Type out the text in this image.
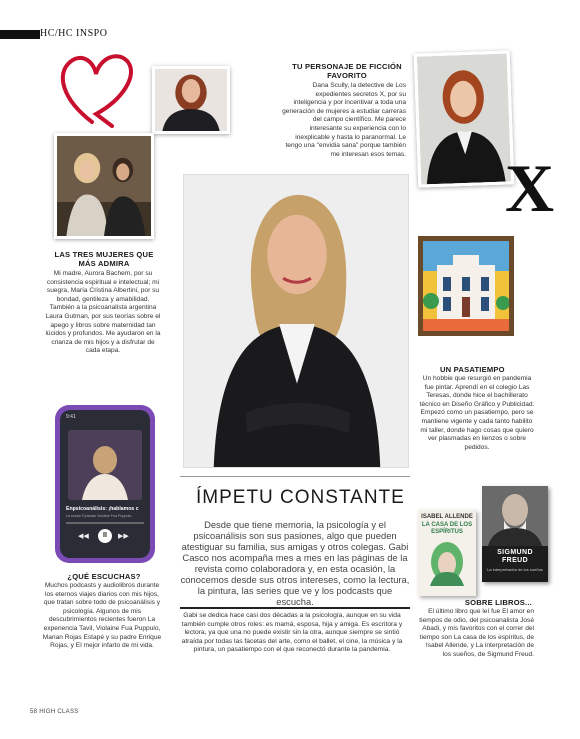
HC/HC INSPO
LAS TRES MUJERES QUE MÁS ADMIRA
Mi madre, Aurora Bachem, por su consistencia espiritual e intelectual; mi suegra, María Cristina Albertini, por su bondad, gentileza y amabilidad. También a la psicoanalista argentina Laura Gutman, por sus teorías sobre el apego y libros sobre maternidad tan lúcidos y profundos. Me ayudaron en la crianza de mis hijos y a disfrutar de cada etapa.
TU PERSONAJE DE FICCIÓN FAVORITO
Dana Scully, la detective de Los expedientes secretos X, por su inteligencia y por incentivar a toda una generación de mujeres a estudiar carreras del campo científico. Me parece interesante su experiencia con lo inexplicable y hasta lo paranormal. Le tengo una "envidia sana" porque también me interesan esos temas. X
UN PASATIEMPO
Un hobbie que resurgió en pandemia fue pintar. Aprendí en el colegio Las Teresas, donde hice el bachillerato técnico en Diseño Gráfico y Publicidad. Empezó como un pasatiempo, pero se mantiene vigente y cada tanto habilito mi taller, donde hago cosas que quiero ver plasmadas en lienzos o sobre pedidos.
9:41
Enpsicoanálisis: ¡hablamos c
La sesión Episodio Violaine Fua Puppulo...
◀◀	II	▶▶
¿QUÉ ESCUCHAS?
Muchos podcasts y audiolibros durante los eternos viajes diarios con mis hijos, que tratan sobre todo de psicoanálisis y psicología. Algunos de mis descubrimientos recientes fueron La experiencia Tavil, Violaine Fua Puppulo, Marian Rojas Estapé y su padre Enrique Rojas, y El mejor infarto de mi vida.
ÍMPETU CONSTANTE
Desde que tiene memoria, la psicología y el psicoanálisis son sus pasiones, algo que pueden atestiguar su familia, sus amigas y otros colegas. Gabi Casco nos acompaña mes a mes en las páginas de la revista como colaboradora y, en esta ocasión, la conocemos desde sus otros intereses, como la lectura, la pintura, las series que ve y los podcasts que escucha.
Gabi se dedica hace casi dos décadas a la psicología, aunque en su vida también cumple otros roles: es mamá, esposa, hija y amiga. Es escritora y lectora, ya que una no puede existir sin la otra, aunque siempre se sintió atraída por todas las facetas del arte, como el ballet, el cine, la música y la pintura, un pasatiempo con el que reconectó durante la pandemia.
ISABEL ALLENDE
LA CASA DE LOS ESPÍRITUS
SIGMUND FREUD
La interpretación de los sueños
SOBRE LIBROS...
El último libro que leí fue El amor en tiempos de odio, del psicoanalista José Abadi, y mis favoritos con el correr del tiempo son La casa de los espíritus, de Isabel Allende, y La interpretación de los sueños, de Sigmund Freud.
58 HIGH CLASS
